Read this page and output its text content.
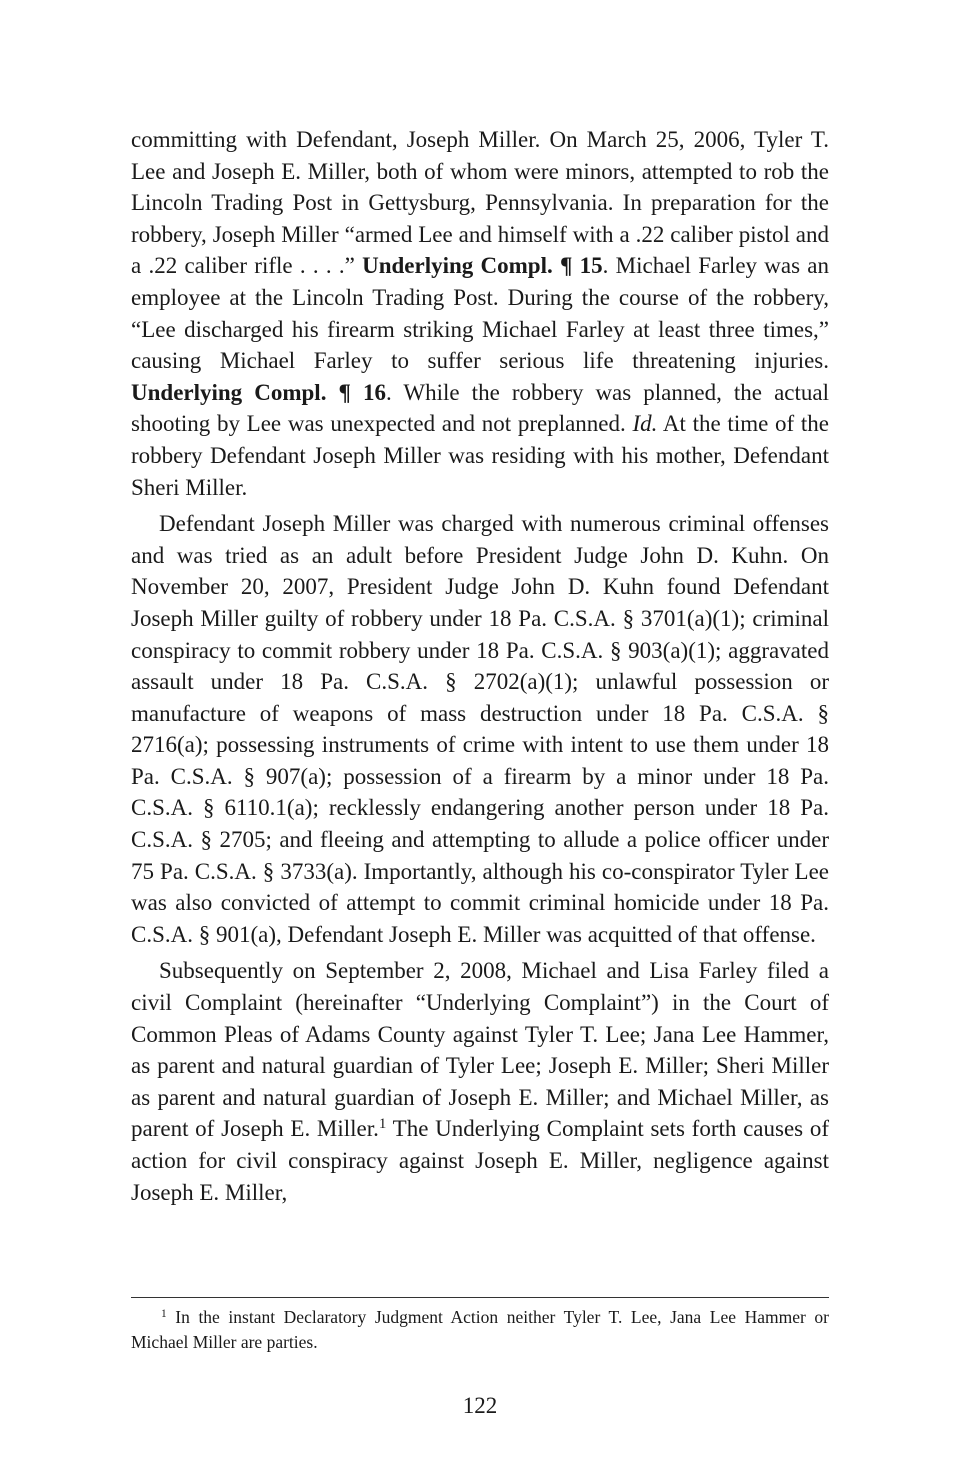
committing with Defendant, Joseph Miller. On March 25, 2006, Tyler T. Lee and Joseph E. Miller, both of whom were minors, attempted to rob the Lincoln Trading Post in Gettysburg, Pennsylvania. In preparation for the robbery, Joseph Miller “armed Lee and himself with a .22 caliber pistol and a .22 caliber rifle . . . .” Underlying Compl. ¶ 15. Michael Farley was an employee at the Lincoln Trading Post. During the course of the robbery, “Lee discharged his firearm striking Michael Farley at least three times,” causing Michael Farley to suffer serious life threatening injuries. Underlying Compl. ¶ 16. While the robbery was planned, the actual shooting by Lee was unexpected and not preplanned. Id. At the time of the robbery Defendant Joseph Miller was residing with his mother, Defendant Sheri Miller.

Defendant Joseph Miller was charged with numerous criminal offenses and was tried as an adult before President Judge John D. Kuhn. On November 20, 2007, President Judge John D. Kuhn found Defendant Joseph Miller guilty of robbery under 18 Pa. C.S.A. § 3701(a)(1); criminal conspiracy to commit robbery under 18 Pa. C.S.A. § 903(a)(1); aggravated assault under 18 Pa. C.S.A. § 2702(a)(1); unlawful possession or manufacture of weapons of mass destruction under 18 Pa. C.S.A. § 2716(a); possessing instruments of crime with intent to use them under 18 Pa. C.S.A. § 907(a); possession of a firearm by a minor under 18 Pa. C.S.A. § 6110.1(a); recklessly endangering another person under 18 Pa. C.S.A. § 2705; and fleeing and attempting to allude a police officer under 75 Pa. C.S.A. § 3733(a). Importantly, although his co-conspirator Tyler Lee was also convicted of attempt to commit criminal homicide under 18 Pa. C.S.A. § 901(a), Defendant Joseph E. Miller was acquitted of that offense.

Subsequently on September 2, 2008, Michael and Lisa Farley filed a civil Complaint (hereinafter “Underlying Complaint”) in the Court of Common Pleas of Adams County against Tyler T. Lee; Jana Lee Hammer, as parent and natural guardian of Tyler Lee; Joseph E. Miller; Sheri Miller as parent and natural guardian of Joseph E. Miller; and Michael Miller, as parent of Joseph E. Miller.$^1$ The Underlying Complaint sets forth causes of action for civil conspiracy against Joseph E. Miller, negligence against Joseph E. Miller,

$^1$ In the instant Declaratory Judgment Action neither Tyler T. Lee, Jana Lee Hammer or Michael Miller are parties.

122
